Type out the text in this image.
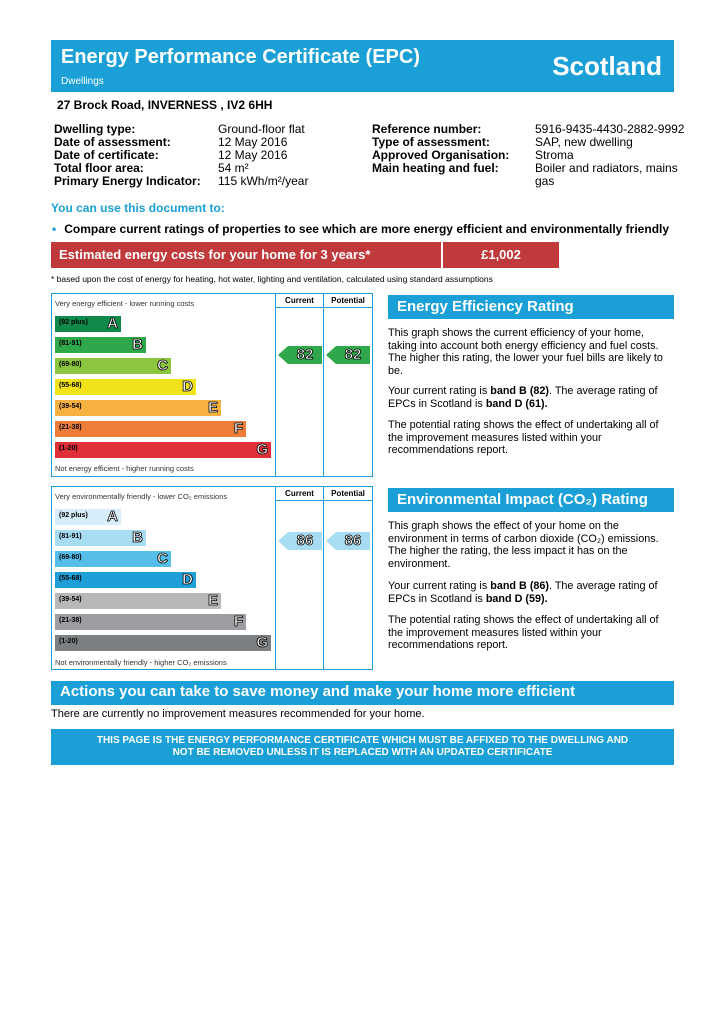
Energy Performance Certificate (EPC)
Dwellings
Scotland
27 Brock Road, INVERNESS , IV2 6HH
Dwelling type:	Ground-floor flat
Date of assessment:	12 May 2016
Date of certificate:	12 May 2016
Total floor area:	54 m²
Primary Energy Indicator: 115 kWh/m²/year
Reference number:	5916-9435-4430-2882-9992
Type of assessment:	SAP, new dwelling
Approved Organisation: Stroma
Main heating and fuel:	Boiler and radiators, mains gas
You can use this document to:
• Compare current ratings of properties to see which are more energy efficient and environmentally friendly
Estimated energy costs for your home for 3 years*	£1,002
* based upon the cost of energy for heating, hot water, lighting and ventilation, calculated using standard assumptions
Very energy efficient - lower running costs
Not energy efficient - higher running costs
Current	Potential
(92 plus) A
(81-91)	B
(69-80)	C
(55-68)	D
(39-54)	E
(21-38)	F
(1-20)	G
82	82
Energy Efficiency Rating
This graph shows the current efficiency of your home, taking into account both energy efficiency and fuel costs. The higher this rating, the lower your fuel bills are likely to be.
Your current rating is band B (82). The average rating of EPCs in Scotland is band D (61).
The potential rating shows the effect of undertaking all of the improvement measures listed within your recommendations report.
Very environmentally friendly - lower CO₂ emissions
Not environmentally friendly - higher CO₂ emissions
Current	Potential
(92 plus) A
(81-91)	B
(69-80)	C
(55-68)	D
(39-54)	E
(21-38)	F
(1-20)	G
86	86
Environmental Impact (CO₂) Rating
This graph shows the effect of your home on the environment in terms of carbon dioxide (CO₂) emissions. The higher the rating, the less impact it has on the environment.
Your current rating is band B (86). The average rating of EPCs in Scotland is band D (59).
The potential rating shows the effect of undertaking all of the improvement measures listed within your recommendations report.
Actions you can take to save money and make your home more efficient
There are currently no improvement measures recommended for your home.
THIS PAGE IS THE ENERGY PERFORMANCE CERTIFICATE WHICH MUST BE AFFIXED TO THE DWELLING AND NOT BE REMOVED UNLESS IT IS REPLACED WITH AN UPDATED CERTIFICATE
